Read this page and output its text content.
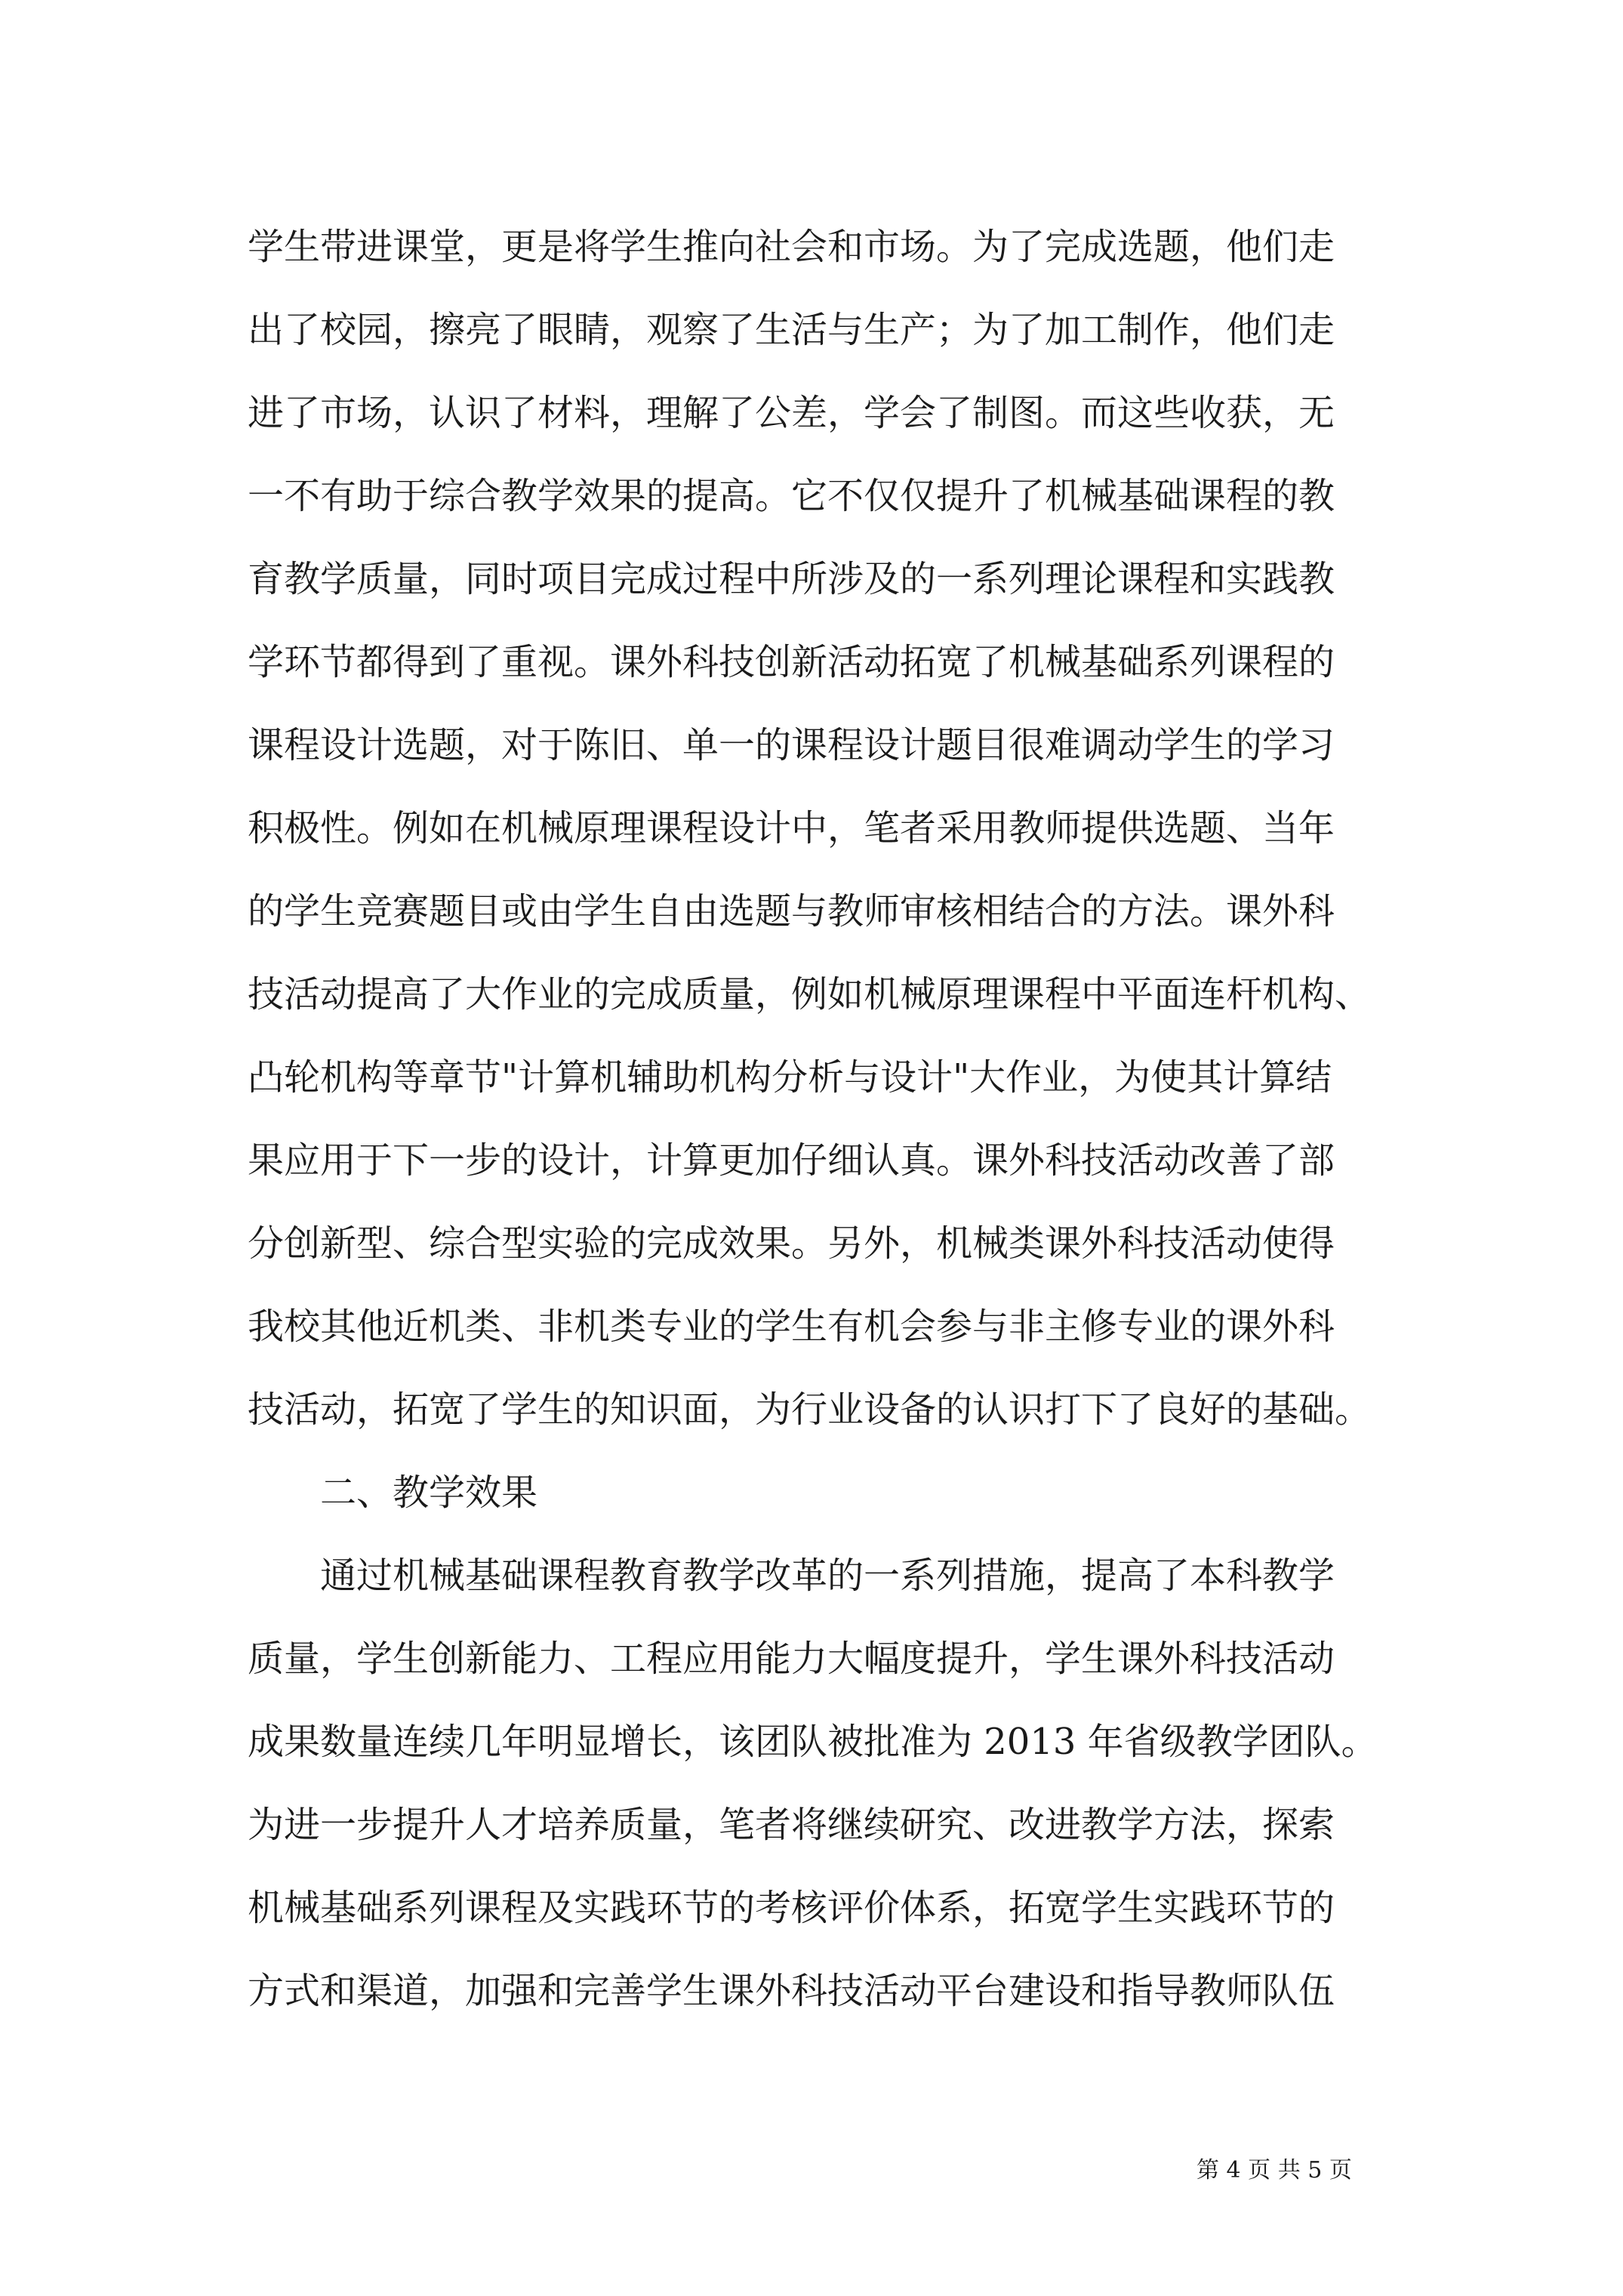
学生带进课堂，更是将学生推向社会和市场。为了完成选题，他们走
出了校园，擦亮了眼睛，观察了生活与生产；为了加工制作，他们走
进了市场，认识了材料，理解了公差，学会了制图。而这些收获，无
一不有助于综合教学效果的提高。它不仅仅提升了机械基础课程的教
育教学质量，同时项目完成过程中所涉及的一系列理论课程和实践教
学环节都得到了重视。课外科技创新活动拓宽了机械基础系列课程的
课程设计选题，对于陈旧、单一的课程设计题目很难调动学生的学习
积极性。例如在机械原理课程设计中，笔者采用教师提供选题、当年
的学生竞赛题目或由学生自由选题与教师审核相结合的方法。课外科
技活动提高了大作业的完成质量，例如机械原理课程中平面连杆机构、
凸轮机构等章节"计算机辅助机构分析与设计"大作业，为使其计算结
果应用于下一步的设计，计算更加仔细认真。课外科技活动改善了部
分创新型、综合型实验的完成效果。另外，机械类课外科技活动使得
我校其他近机类、非机类专业的学生有机会参与非主修专业的课外科
技活动，拓宽了学生的知识面，为行业设备的认识打下了良好的基础。
二、教学效果
通过机械基础课程教育教学改革的一系列措施，提高了本科教学
质量，学生创新能力、工程应用能力大幅度提升，学生课外科技活动
成果数量连续几年明显增长，该团队被批准为 2013 年省级教学团队。
为进一步提升人才培养质量，笔者将继续研究、改进教学方法，探索
机械基础系列课程及实践环节的考核评价体系，拓宽学生实践环节的
方式和渠道，加强和完善学生课外科技活动平台建设和指导教师队伍
第 4 页 共 5 页
